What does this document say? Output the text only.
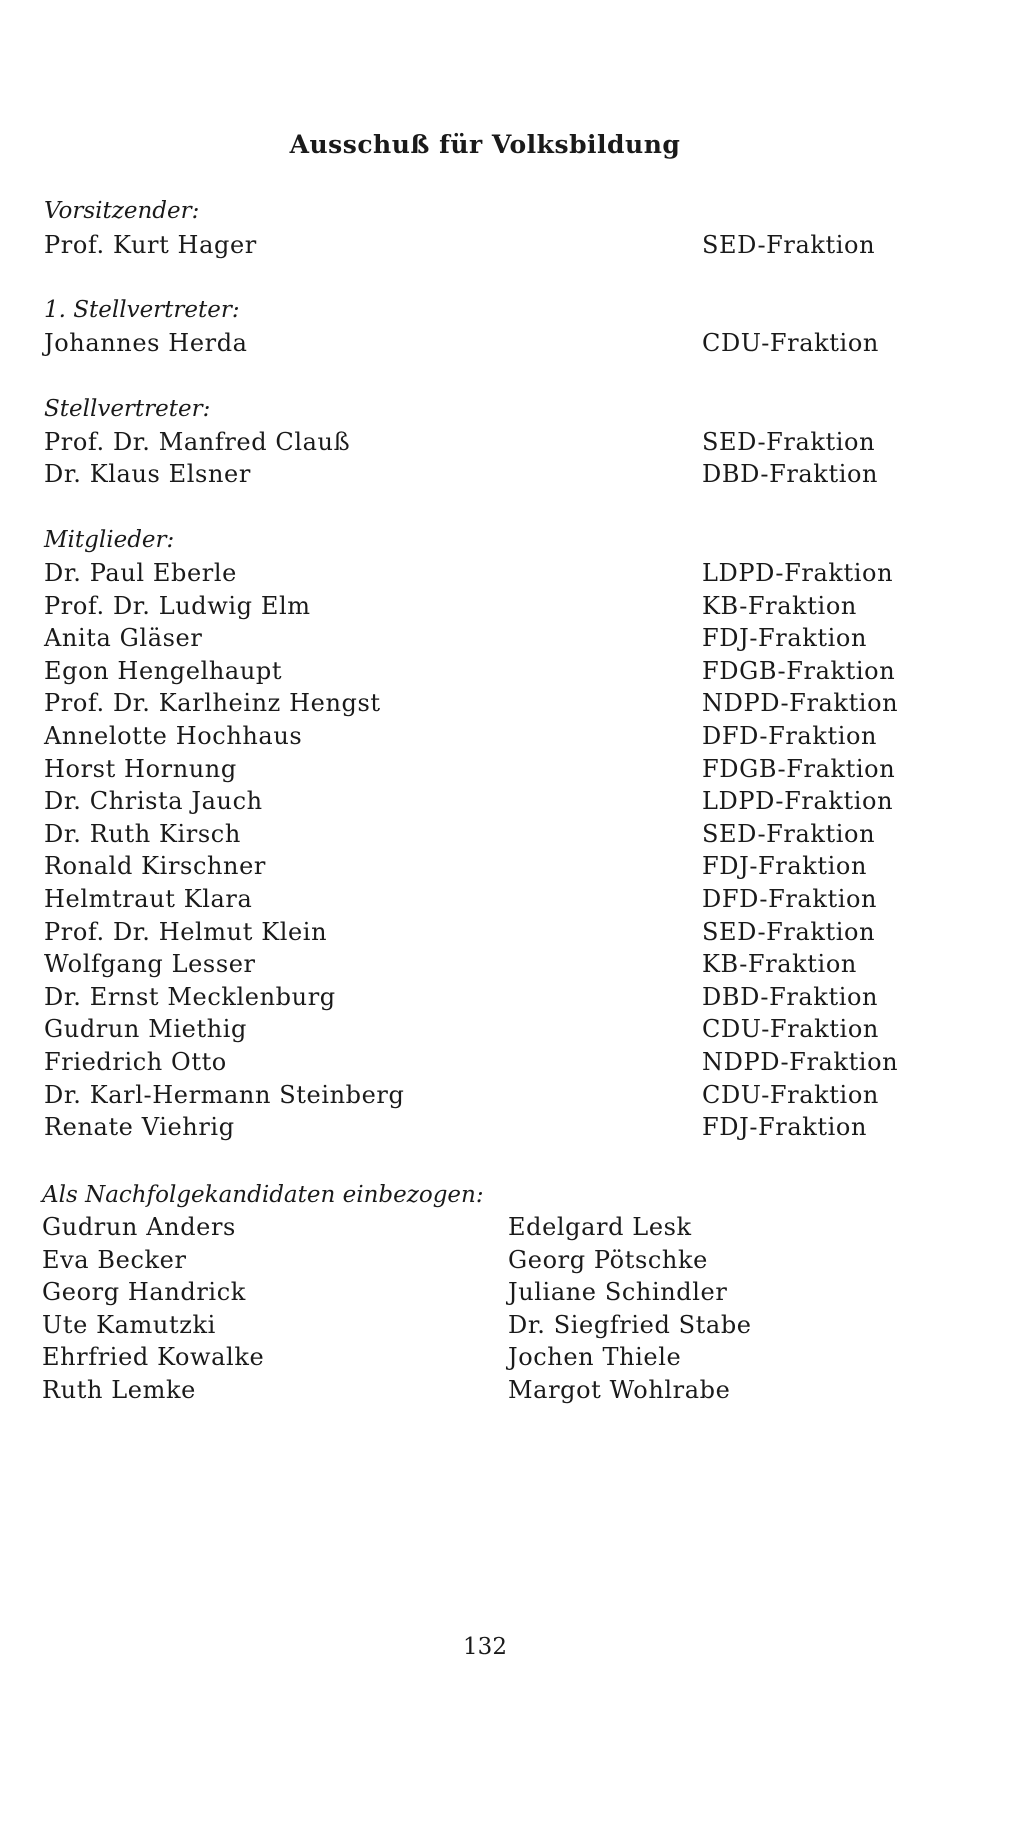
Ausschuß für Volksbildung
Vorsitzender:
Prof. Kurt Hager	SED-Fraktion
1. Stellvertreter:
Johannes Herda	CDU-Fraktion
Stellvertreter:
Prof. Dr. Manfred Clauß	SED-Fraktion
Dr. Klaus Elsner	DBD-Fraktion
Mitglieder:
Dr. Paul Eberle	LDPD-Fraktion
Prof. Dr. Ludwig Elm	KB-Fraktion
Anita Gläser	FDJ-Fraktion
Egon Hengelhaupt	FDGB-Fraktion
Prof. Dr. Karlheinz Hengst	NDPD-Fraktion
Annelotte Hochhaus	DFD-Fraktion
Horst Hornung	FDGB-Fraktion
Dr. Christa Jauch	LDPD-Fraktion
Dr. Ruth Kirsch	SED-Fraktion
Ronald Kirschner	FDJ-Fraktion
Helmtraut Klara	DFD-Fraktion
Prof. Dr. Helmut Klein	SED-Fraktion
Wolfgang Lesser	KB-Fraktion
Dr. Ernst Mecklenburg	DBD-Fraktion
Gudrun Miethig	CDU-Fraktion
Friedrich Otto	NDPD-Fraktion
Dr. Karl-Hermann Steinberg	CDU-Fraktion
Renate Viehrig	FDJ-Fraktion
Als Nachfolgekandidaten einbezogen:
Gudrun Anders
Eva Becker
Georg Handrick
Ute Kamutzki
Ehrfried Kowalke
Ruth Lemke
Edelgard Lesk
Georg Pötschke
Juliane Schindler
Dr. Siegfried Stabe
Jochen Thiele
Margot Wohlrabe
132
